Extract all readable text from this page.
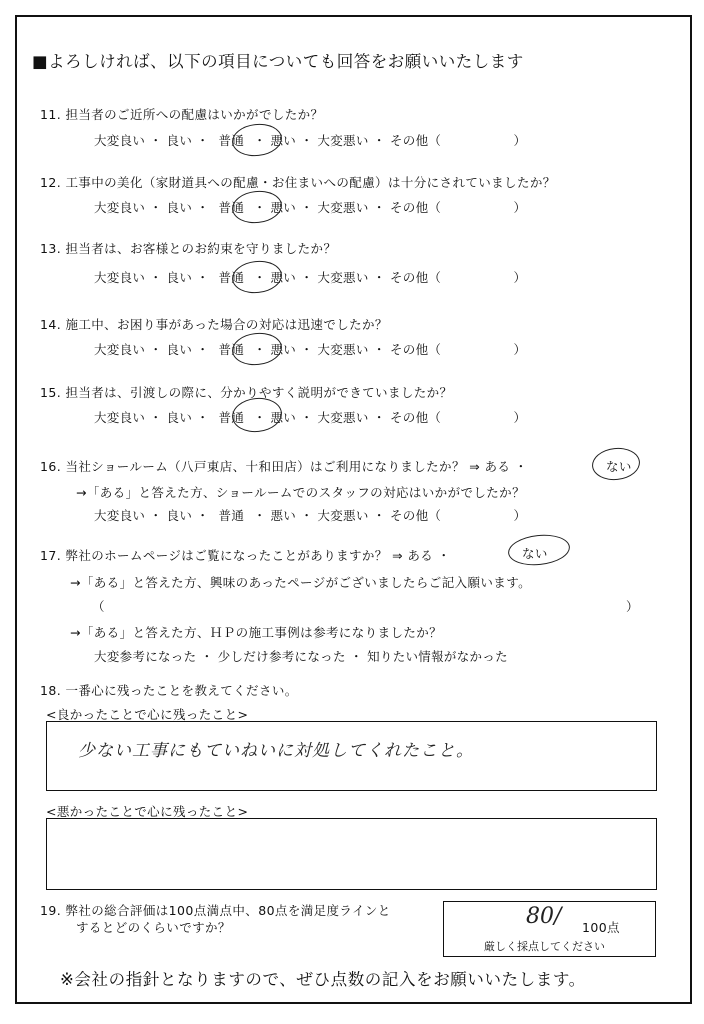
■よろしければ、以下の項目についても回答をお願いいたします
11. 担当者のご近所への配慮はいかがでしたか？
大変良い ・ 良い ・ 普通 ・ 悪い ・ 大変悪い ・ その他（	）
12. 工事中の美化（家財道具への配慮・お住まいへの配慮）は十分にされていましたか？
大変良い ・ 良い ・ 普通 ・ 悪い ・ 大変悪い ・ その他（	）
13. 担当者は、お客様とのお約束を守りましたか？
大変良い ・ 良い ・ 普通 ・ 悪い ・ 大変悪い ・ その他（	）
14. 施工中、お困り事があった場合の対応は迅速でしたか？
大変良い ・ 良い ・ 普通 ・ 悪い ・ 大変悪い ・ その他（	）
15. 担当者は、引渡しの際に、分かりやすく説明ができていましたか？
大変良い ・ 良い ・ 普通 ・ 悪い ・ 大変悪い ・ その他（	）
16. 当社ショールーム（八戸東店、十和田店）はご利用になりましたか？ ⇒ ある ・	ない
→「ある」と答えた方、ショールームでのスタッフの対応はいかがでしたか？
大変良い ・ 良い ・ 普通 ・ 悪い ・ 大変悪い ・ その他（	）
17. 弊社のホームページはご覧になったことがありますか？ ⇒ ある ・	ない
→「ある」と答えた方、興味のあったページがございましたらご記入願います。
（	）
→「ある」と答えた方、ＨＰの施工事例は参考になりましたか？
大変参考になった ・ 少しだけ参考になった ・ 知りたい情報がなかった
18. 一番心に残ったことを教えてください。
<良かったことで心に残ったこと>
少ない工事にもていねいに対処してくれたこと。
<悪かったことで心に残ったこと>
19. 弊社の総合評価は100点満点中、80点を満足度ラインと
するとどのくらいですか？	80/ 100点
厳しく採点してください
※会社の指針となりますので、ぜひ点数の記入をお願いいたします。
